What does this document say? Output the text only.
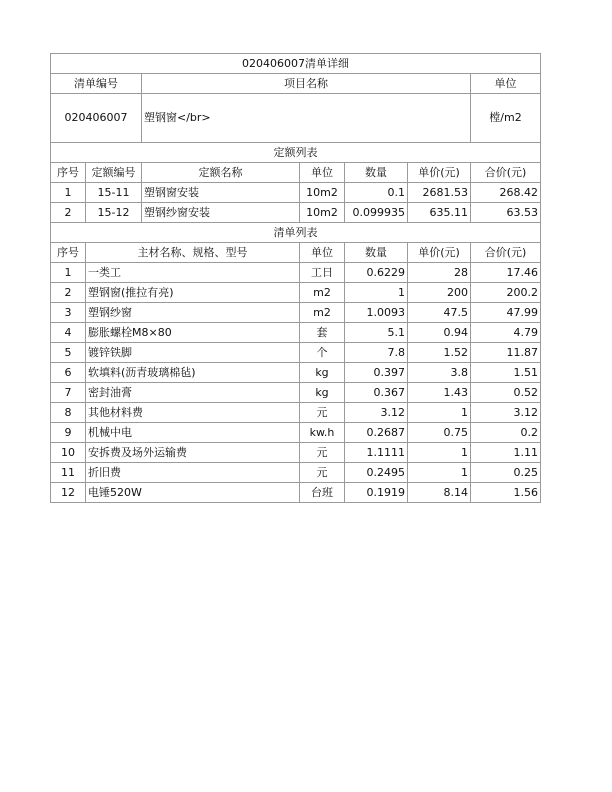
020406007清单详细							
清单编号		项目名称				单位	
020406007		塑钢窗</br>				樘/m2	
定额列表							
序号	定额编号	定额名称	单位	数量	单价(元)	合价(元)	
1	15-11	塑钢窗安装	10m2	0.1	2681.53	268.42	
2	15-12	塑钢纱窗安装	10m2	0.099935	635.11	63.53	
清单列表							
序号	主材名称、规格、型号		单位	数量	单价(元)	合价(元)	
1	一类工		工日	0.6229	28	17.46	
2	塑钢窗(推拉有亮)		m2	1	200	200.2	
3	塑钢纱窗		m2	1.0093	47.5	47.99	
4	膨胀螺栓M8×80		套	5.1	0.94	4.79	
5	镀锌铁脚		个	7.8	1.52	11.87	
6	软填料(沥青玻璃棉毡)		kg	0.397	3.8	1.51	
7	密封油膏		kg	0.367	1.43	0.52	
8	其他材料费		元	3.12	1	3.12	
9	机械中电		kw.h	0.2687	0.75	0.2	
10	安拆费及场外运输费		元	1.1111	1	1.11	
11	折旧费		元	0.2495	1	0.25	
12	电锤520W		台班	0.1919	8.14	1.56	
